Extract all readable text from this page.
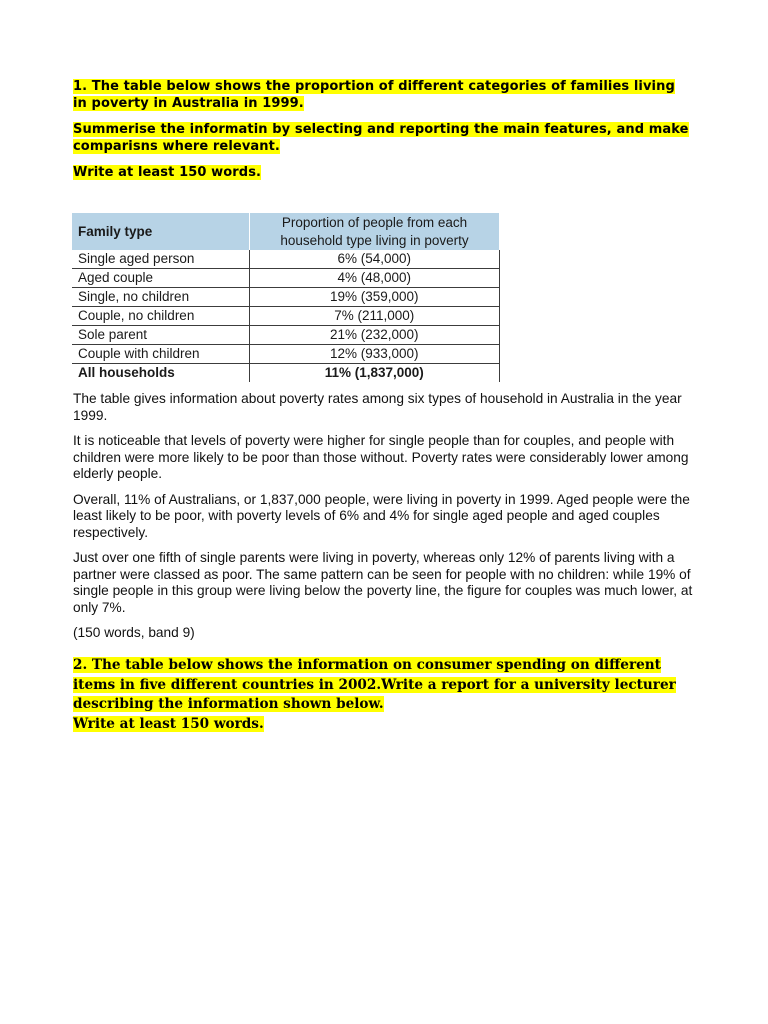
1. The table below shows the proportion of different categories of families living in poverty in Australia in 1999.

Summerise the informatin by selecting and reporting the main features, and make comparisns where relevant.

Write at least 150 words.

Family type	Proportion of people from each
household type living in poverty

Single aged person	6% (54,000)
Aged couple	4% (48,000)
Single, no children	19% (359,000)
Couple, no children	7% (211,000)
Sole parent	21% (232,000)
Couple with children	12% (933,000)
All households	11% (1,837,000)

The table gives information about poverty rates among six types of household in Australia in the year 1999.

It is noticeable that levels of poverty were higher for single people than for couples, and people with children were more likely to be poor than those without. Poverty rates were considerably lower among elderly people.

Overall, 11% of Australians, or 1,837,000 people, were living in poverty in 1999. Aged people were the least likely to be poor, with poverty levels of 6% and 4% for single aged people and aged couples respectively.

Just over one fifth of single parents were living in poverty, whereas only 12% of parents living with a partner were classed as poor. The same pattern can be seen for people with no children: while 19% of single people in this group were living below the poverty line, the figure for couples was much lower, at only 7%.

(150 words, band 9)

2. The table below shows the information on consumer spending on different items in five different countries in 2002.Write a report for a university lecturer describing the information shown below.
Write at least 150 words.
